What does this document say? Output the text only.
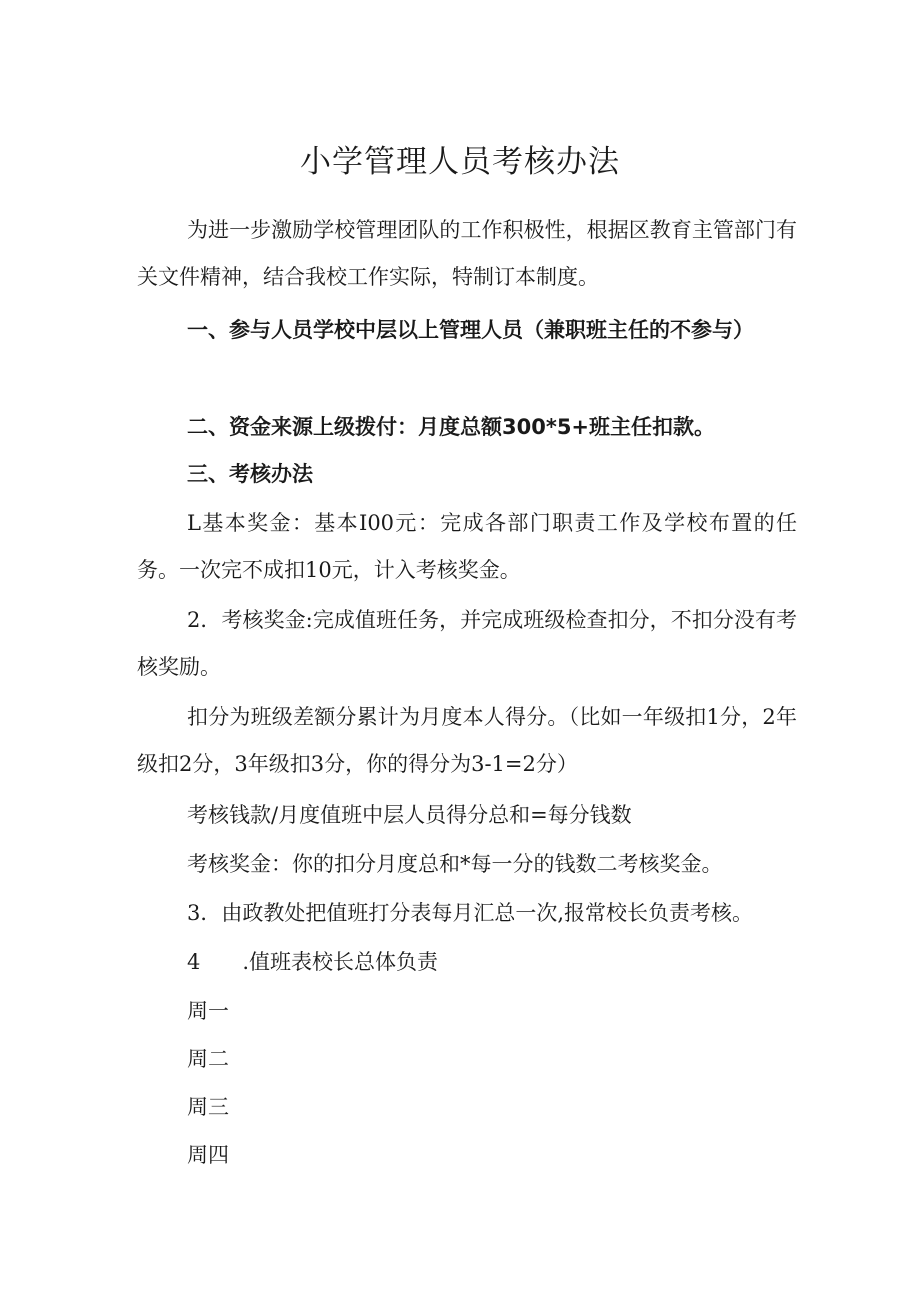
小学管理人员考核办法

为进一步激励学校管理团队的工作积极性，根据区教育主管部门有关文件精神，结合我校工作实际，特制订本制度。

一、参与人员学校中层以上管理人员（兼职班主任的不参与）

二、资金来源上级拨付：月度总额300*5+班主任扣款。

三、考核办法

L基本奖金：基本I00元：完成各部门职责工作及学校布置的任务。一次完不成扣10元，计入考核奖金。

2．考核奖金:完成值班任务，并完成班级检查扣分，不扣分没有考核奖励。

扣分为班级差额分累计为月度本人得分。（比如一年级扣1分，2年级扣2分，3年级扣3分，你的得分为3-1=2分）

考核钱款/月度值班中层人员得分总和=每分钱数

考核奖金：你的扣分月度总和*每一分的钱数二考核奖金。

3．由政教处把值班打分表每月汇总一次,报常校长负责考核。

4 .值班表校长总体负责

周一

周二

周三

周四
